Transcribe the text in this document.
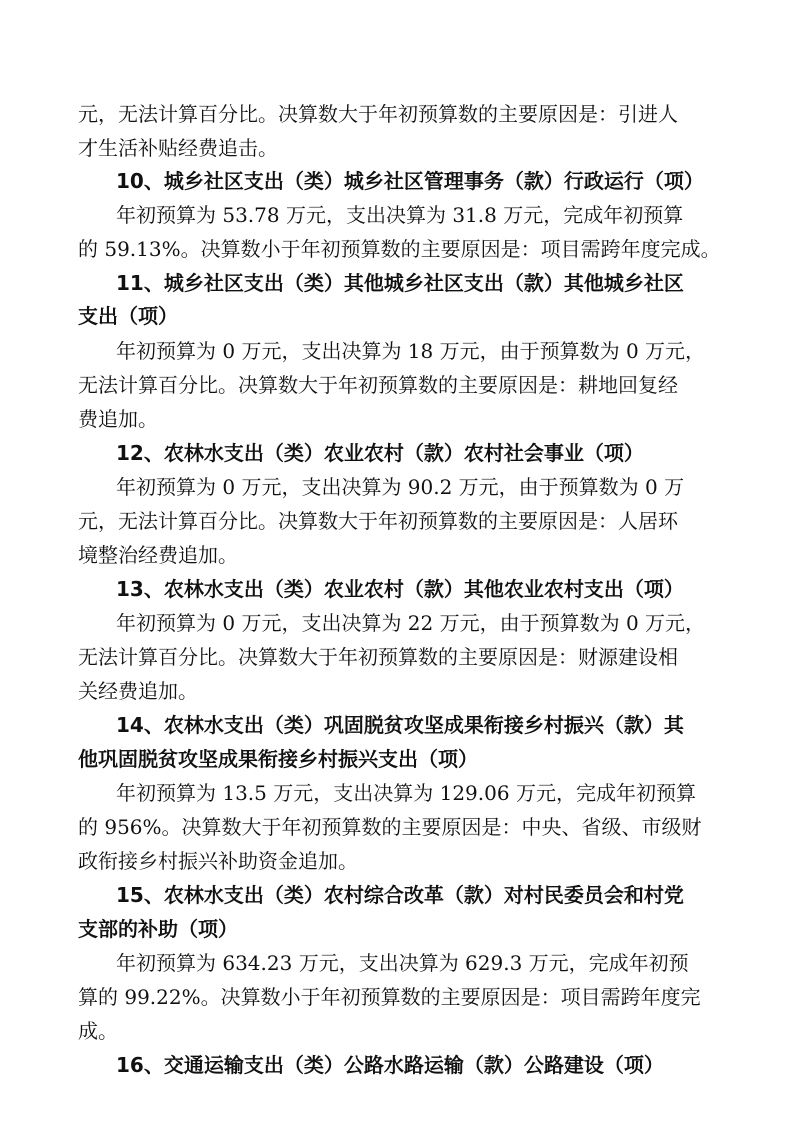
元，无法计算百分比。决算数大于年初预算数的主要原因是：引进人
才生活补贴经费追击。
10、城乡社区支出（类）城乡社区管理事务（款）行政运行（项）
年初预算为 53.78 万元，支出决算为 31.8 万元，完成年初预算
的 59.13%。决算数小于年初预算数的主要原因是：项目需跨年度完成。
11、城乡社区支出（类）其他城乡社区支出（款）其他城乡社区
支出（项）
年初预算为 0 万元，支出决算为 18 万元，由于预算数为 0 万元，
无法计算百分比。决算数大于年初预算数的主要原因是：耕地回复经
费追加。
12、农林水支出（类）农业农村（款）农村社会事业（项）
年初预算为 0 万元，支出决算为 90.2 万元，由于预算数为 0 万
元，无法计算百分比。决算数大于年初预算数的主要原因是：人居环
境整治经费追加。
13、农林水支出（类）农业农村（款）其他农业农村支出（项）
年初预算为 0 万元，支出决算为 22 万元，由于预算数为 0 万元，
无法计算百分比。决算数大于年初预算数的主要原因是：财源建设相
关经费追加。
14、农林水支出（类）巩固脱贫攻坚成果衔接乡村振兴（款）其
他巩固脱贫攻坚成果衔接乡村振兴支出（项）
年初预算为 13.5 万元，支出决算为 129.06 万元，完成年初预算
的 956%。决算数大于年初预算数的主要原因是：中央、省级、市级财
政衔接乡村振兴补助资金追加。
15、农林水支出（类）农村综合改革（款）对村民委员会和村党
支部的补助（项）
年初预算为 634.23 万元，支出决算为 629.3 万元，完成年初预
算的 99.22%。决算数小于年初预算数的主要原因是：项目需跨年度完
成。
16、交通运输支出（类）公路水路运输（款）公路建设（项）
